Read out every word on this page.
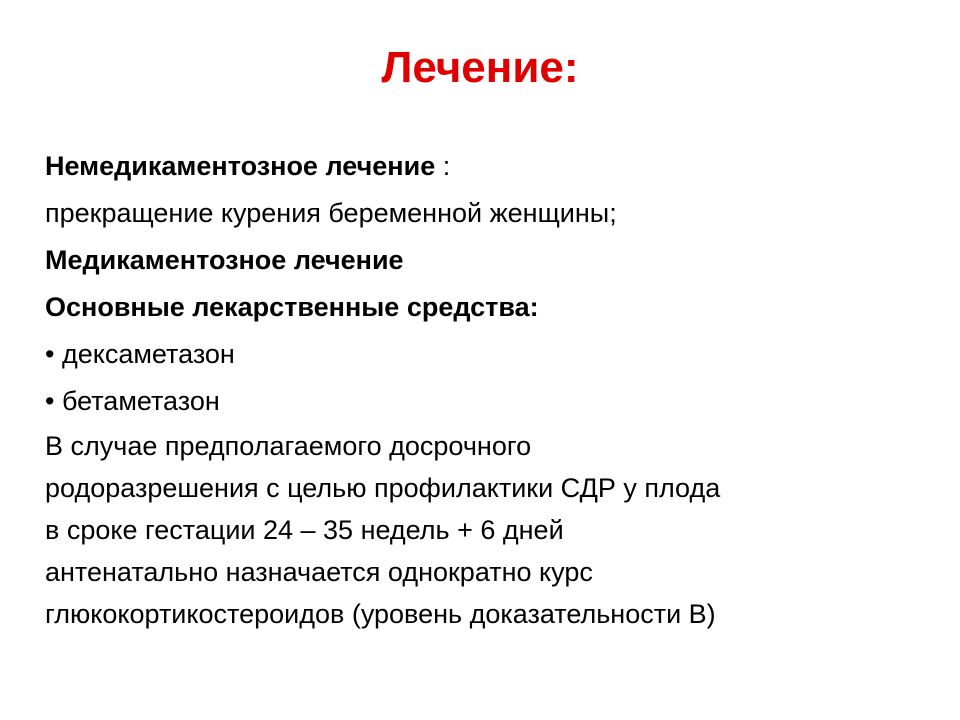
Лечение:
Немедикаментозное лечение :
прекращение курения беременной женщины;
Медикаментозное лечение
Основные лекарственные средства:
• дексаметазон
• бетаметазон
В случае предполагаемого досрочного
родоразрешения с целью профилактики СДР у плода
в сроке гестации 24 – 35 недель + 6 дней
антенатально назначается однократно курс
глюкокортикостероидов (уровень доказательности В)
